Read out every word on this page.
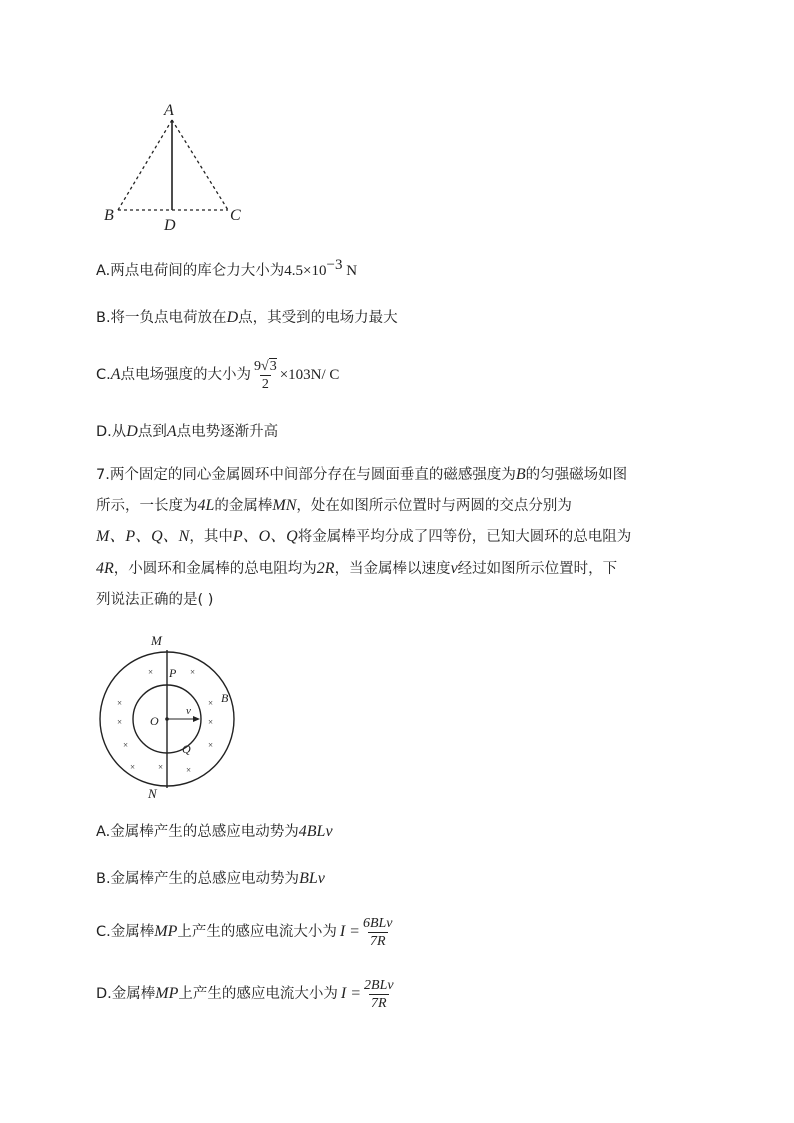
A
B	C
D
A.两点电荷间的库仑力大小为$4.5\times 10^{-3}$ N
B.将一负点电荷放在D点，其受到的电场力最大
C. A 点电场强度的大小为 $\frac{9√3}{2} \times 10$ 3 N/ C
D.从D点到A点电势逐渐升高
7.两个固定的同心金属圆环中间部分存在与圆面垂直的磁感强度为B的匀强磁场如图
所示，一长度为4L的金属棒MN，处在如图所示位置时与两圆的交点分别为
M、P、Q、N，其中P、O、Q将金属棒平均分成了四等份，已知大圆环的总电阻为
4R，小圆环和金属棒的总电阻均为2R，当金属棒以速度v经过如图所示位置时，下
列说法正确的是( )
M
N
P
Q
O
B
v
×	×
×
×
×
×
×
×
×	×	×
A.金属棒产生的总感应电动势为4BLv
B.金属棒产生的总感应电动势为BLv
C.金属棒 MP 上产生的感应电流大小为 $I = \frac{\text{6BLv}}{7R}$
D.金属棒 MP 上产生的感应电流大小为 $I = \frac{\text{2BLv}}{7R}$
